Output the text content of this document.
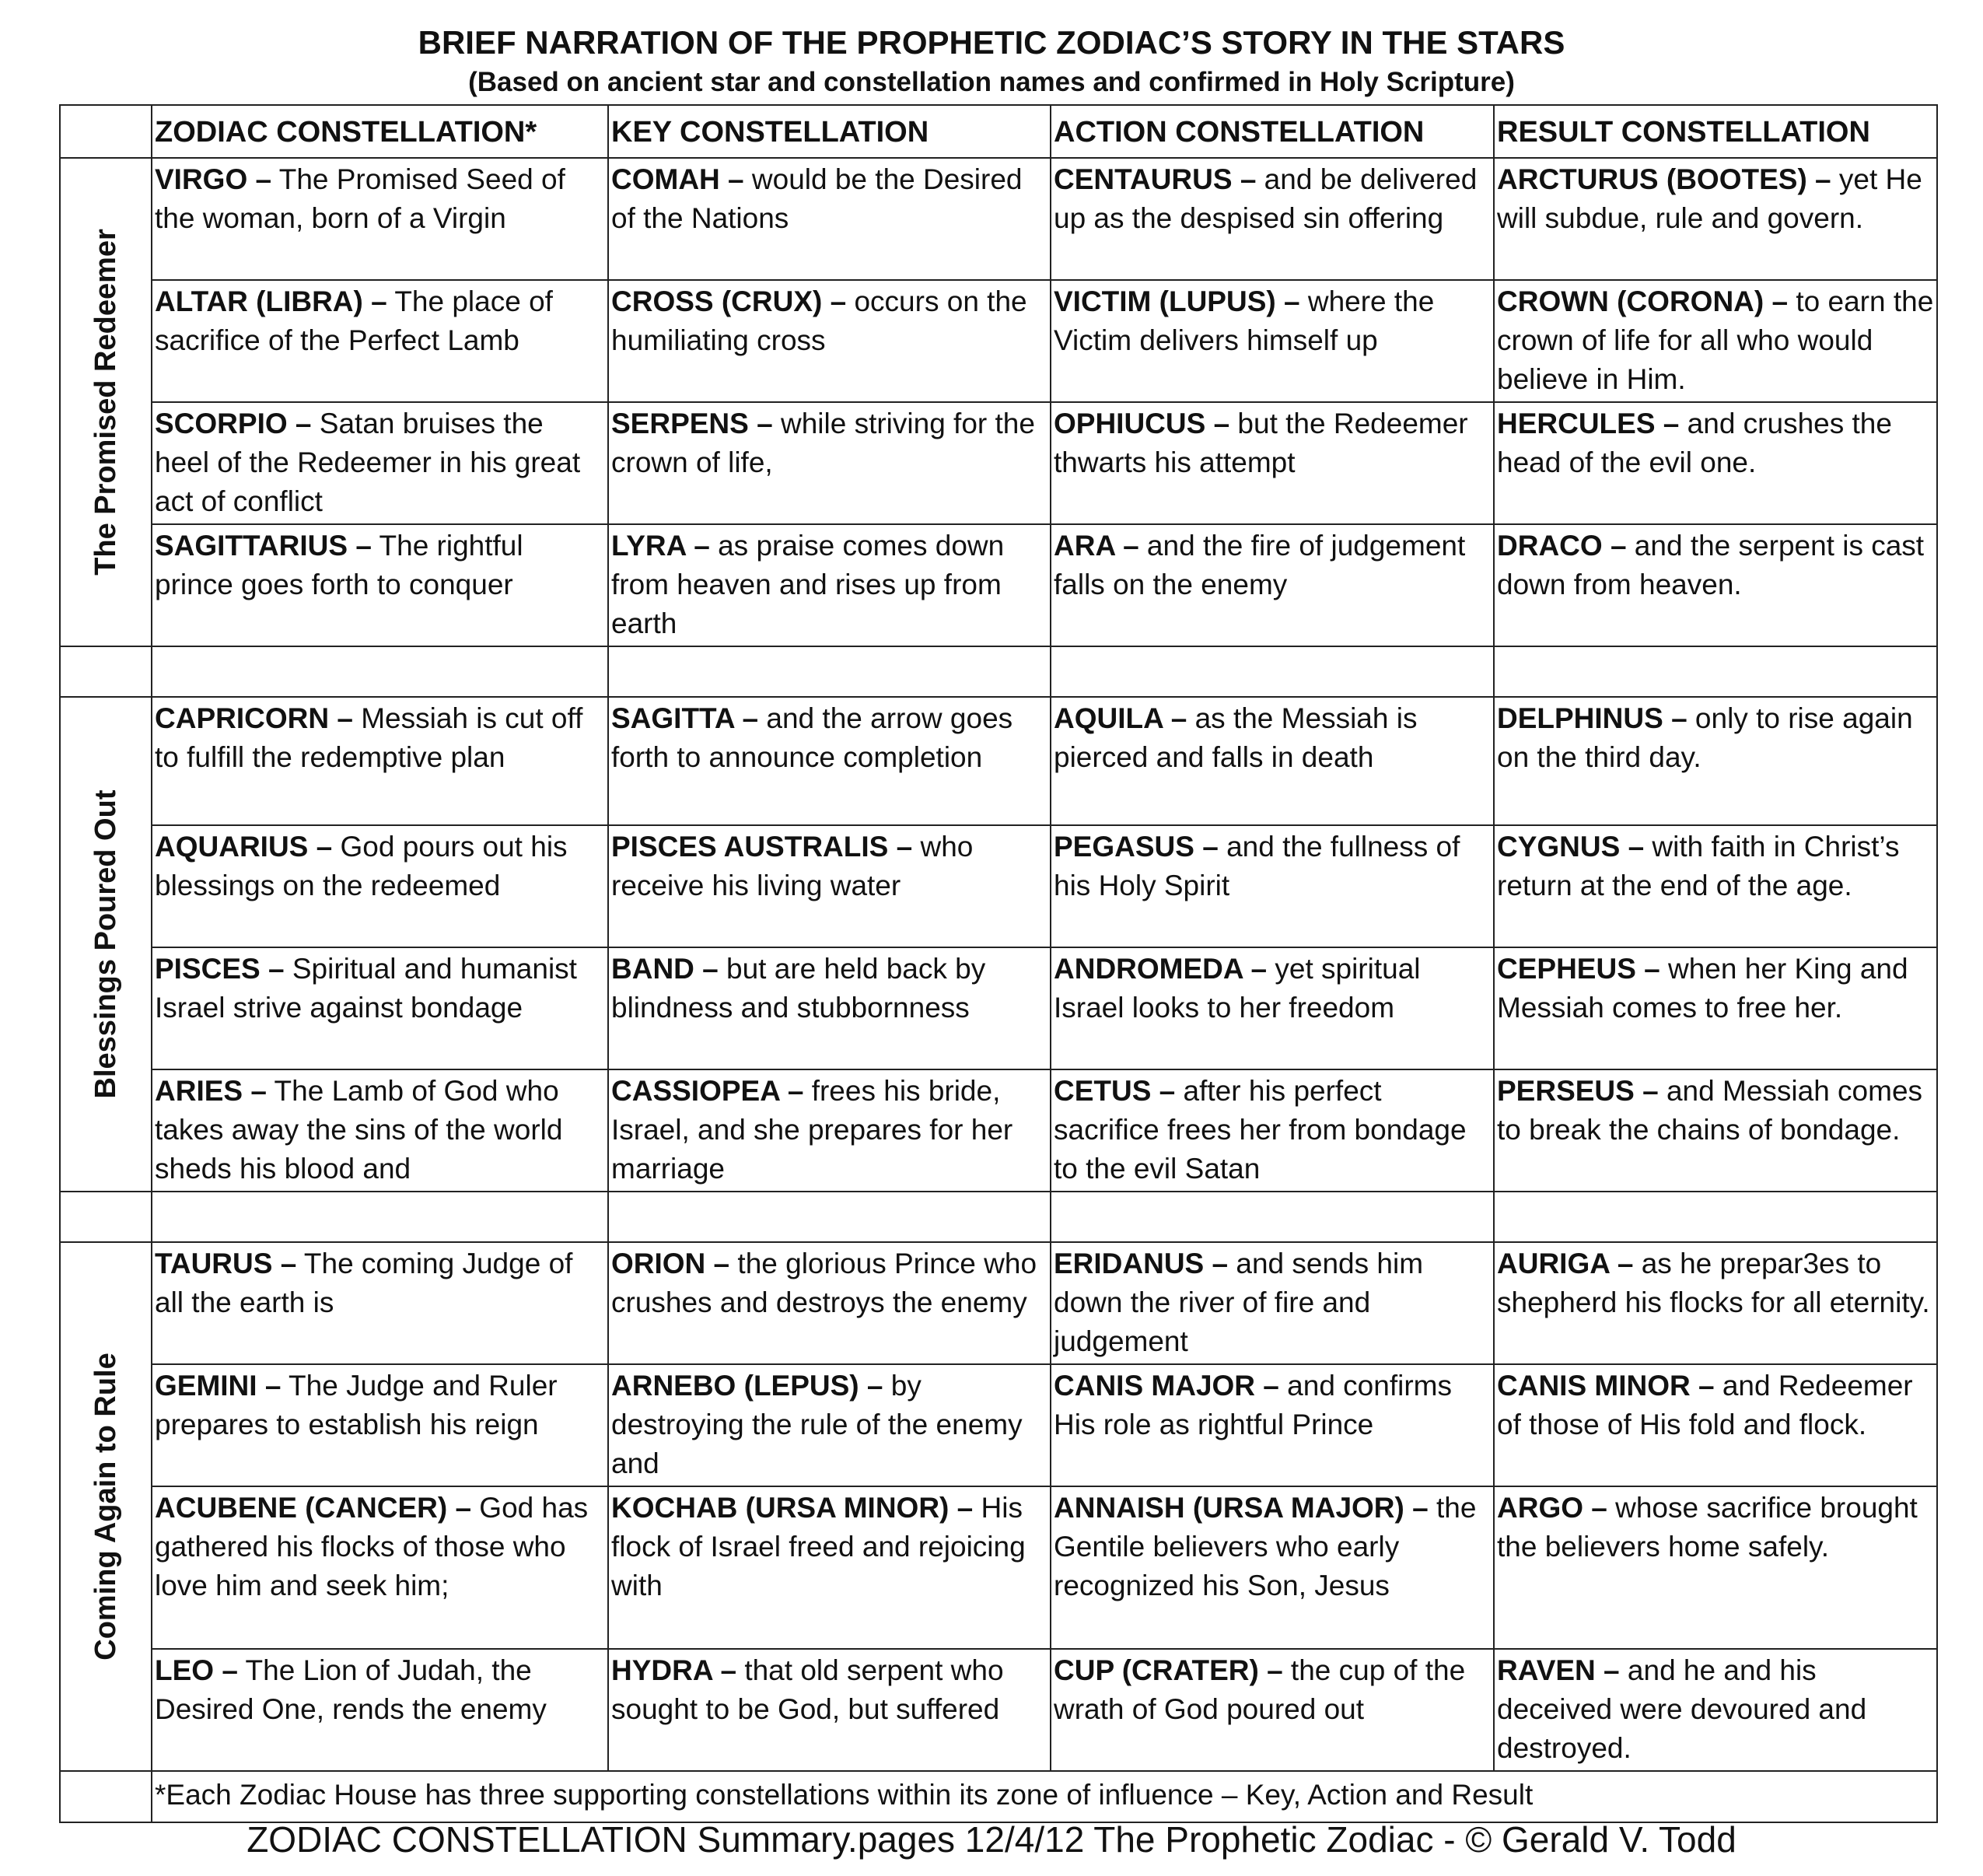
BRIEF NARRATION OF THE PROPHETIC ZODIAC’S STORY IN THE STARS
(Based on ancient star and constellation names and confirmed in Holy Scripture)
	ZODIAC CONSTELLATION*	KEY CONSTELLATION	ACTION CONSTELLATION	RESULT CONSTELLATION

The Promised Redeemer	VIRGO – The Promised Seed of the woman, born of a Virgin	COMAH – would be the Desired of the Nations	CENTAURUS – and be delivered up as the despised sin offering	ARCTURUS (BOOTES) – yet He will subdue, rule and govern.
	ALTAR (LIBRA) – The place of sacrifice of the Perfect Lamb	CROSS (CRUX) – occurs on the humiliating cross	VICTIM (LUPUS) – where the Victim delivers himself up	CROWN (CORONA) – to earn the crown of life for all who would believe in Him.
	SCORPIO – Satan bruises the heel of the Redeemer in his great act of conflict	SERPENS – while striving for the crown of life,	OPHIUCUS – but the Redeemer thwarts his attempt	HERCULES – and crushes the head of the evil one.
	SAGITTARIUS – The rightful prince goes forth to conquer	LYRA – as praise comes down from heaven and rises up from earth	ARA – and the fire of judgement falls on the enemy	DRACO – and the serpent is cast down from heaven.

Blessings Poured Out	CAPRICORN – Messiah is cut off to fulfill the redemptive plan	SAGITTA – and the arrow goes forth to announce completion	AQUILA – as the Messiah is pierced and falls in death	DELPHINUS – only to rise again on the third day.
	AQUARIUS – God pours out his blessings on the redeemed	PISCES AUSTRALIS – who receive his living water	PEGASUS – and the fullness of his Holy Spirit	CYGNUS – with faith in Christ’s return at the end of the age.
	PISCES – Spiritual and humanist Israel strive against bondage	BAND – but are held back by blindness and stubbornness	ANDROMEDA – yet spiritual Israel looks to her freedom	CEPHEUS – when her King and Messiah comes to free her.
	ARIES – The Lamb of God who takes away the sins of the world sheds his blood and	CASSIOPEA – frees his bride, Israel, and she prepares for her marriage	CETUS – after his perfect sacrifice frees her from bondage to the evil Satan	PERSEUS – and Messiah comes to break the chains of bondage.

Coming Again to Rule	TAURUS – The coming Judge of all the earth is	ORION – the glorious Prince who crushes and destroys the enemy	ERIDANUS – and sends him down the river of fire and judgement	AURIGA – as he prepar3es to shepherd his flocks for all eternity.
	GEMINI – The Judge and Ruler prepares to establish his reign	ARNEBO (LEPUS) – by destroying the rule of the enemy and	CANIS MAJOR – and confirms His role as rightful Prince	CANIS MINOR – and Redeemer of those of His fold and flock.
	ACUBENE (CANCER) – God has gathered his flocks of those who love him and seek him;	KOCHAB (URSA MINOR) – His flock of Israel freed and rejoicing with	ANNAISH (URSA MAJOR) – the Gentile believers who early recognized his Son, Jesus	ARGO – whose sacrifice brought the believers home safely.
	LEO – The Lion of Judah, the Desired One, rends the enemy	HYDRA – that old serpent who sought to be God, but suffered	CUP (CRATER) – the cup of the wrath of God poured out	RAVEN – and he and his deceived were devoured and destroyed.
	*Each Zodiac House has three supporting constellations within its zone of influence – Key, Action and Result			
ZODIAC CONSTELLATION Summary.pages 12/4/12 The Prophetic Zodiac - © Gerald V. Todd
